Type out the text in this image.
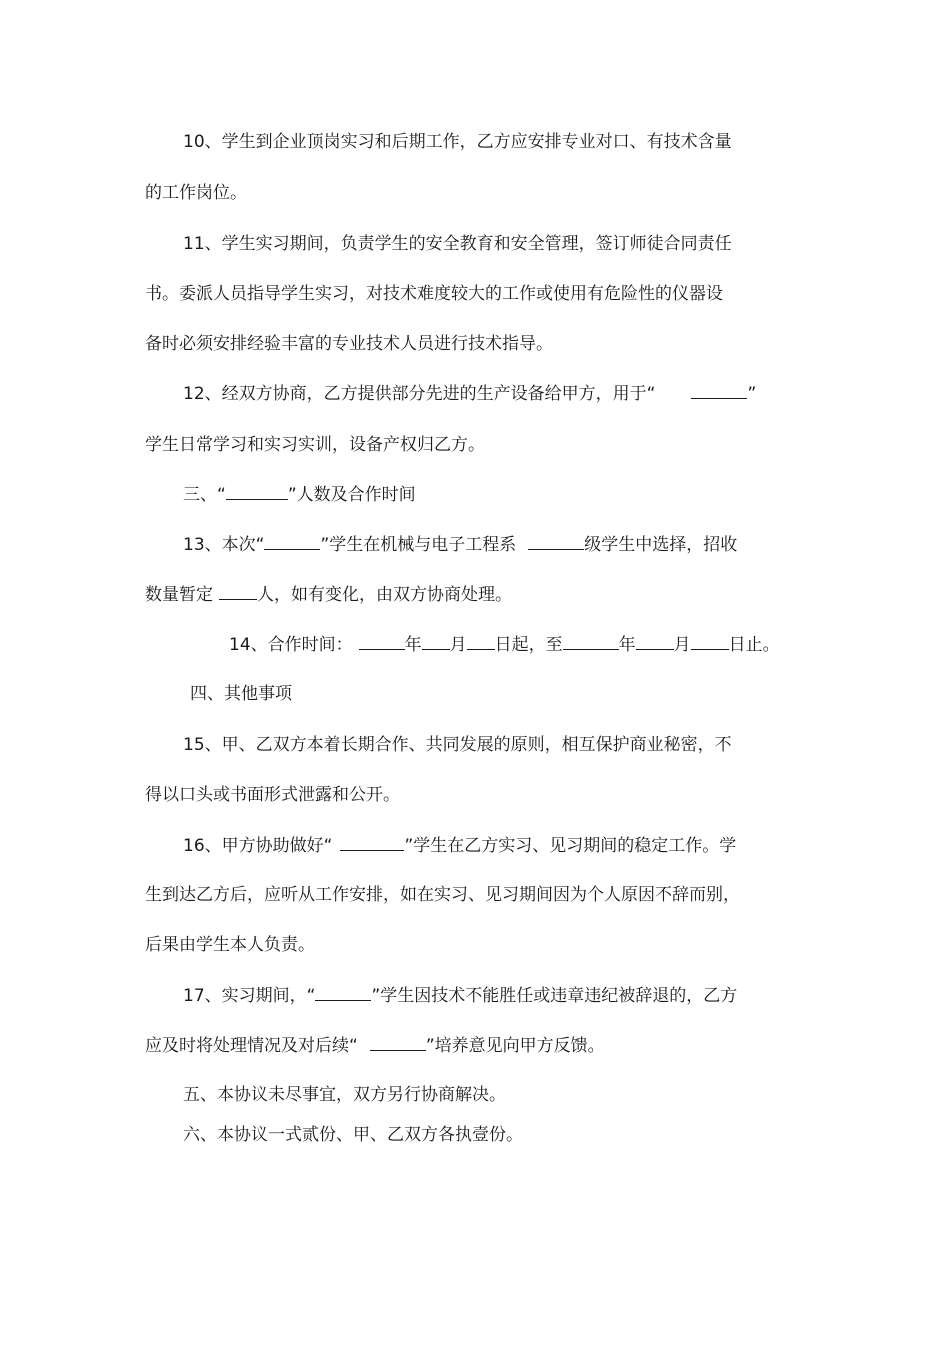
10、学生到企业顶岗实习和后期工作，乙方应安排专业对口、有技术含量
的工作岗位。
11、学生实习期间，负责学生的安全教育和安全管理，签订师徒合同责任
书。委派人员指导学生实习，对技术难度较大的工作或使用有危险性的仪器设
备时必须安排经验丰富的专业技术人员进行技术指导。
12、经双方协商，乙方提供部分先进的生产设备给甲方，用于“	”
学生日常学习和实习实训，设备产权归乙方。
三、“	”人数及合作时间
13、本次“	”学生在机械与电子工程系	级学生中选择，招收
数量暂定	人，如有变化，由双方协商处理。
14、合作时间：	年 月 日起，至	年 月 日止。
四、其他事项
15、甲、乙双方本着长期合作、共同发展的原则，相互保护商业秘密，不
得以口头或书面形式泄露和公开。
16、甲方协助做好“	”学生在乙方实习、见习期间的稳定工作。学
生到达乙方后，应听从工作安排，如在实习、见习期间因为个人原因不辞而别，
后果由学生本人负责。
17、实习期间，“	”学生因技术不能胜任或违章违纪被辞退的，乙方
应及时将处理情况及对后续“	”培养意见向甲方反馈。
五、本协议未尽事宜，双方另行协商解决。
六、本协议一式贰份、甲、乙双方各执壹份。
